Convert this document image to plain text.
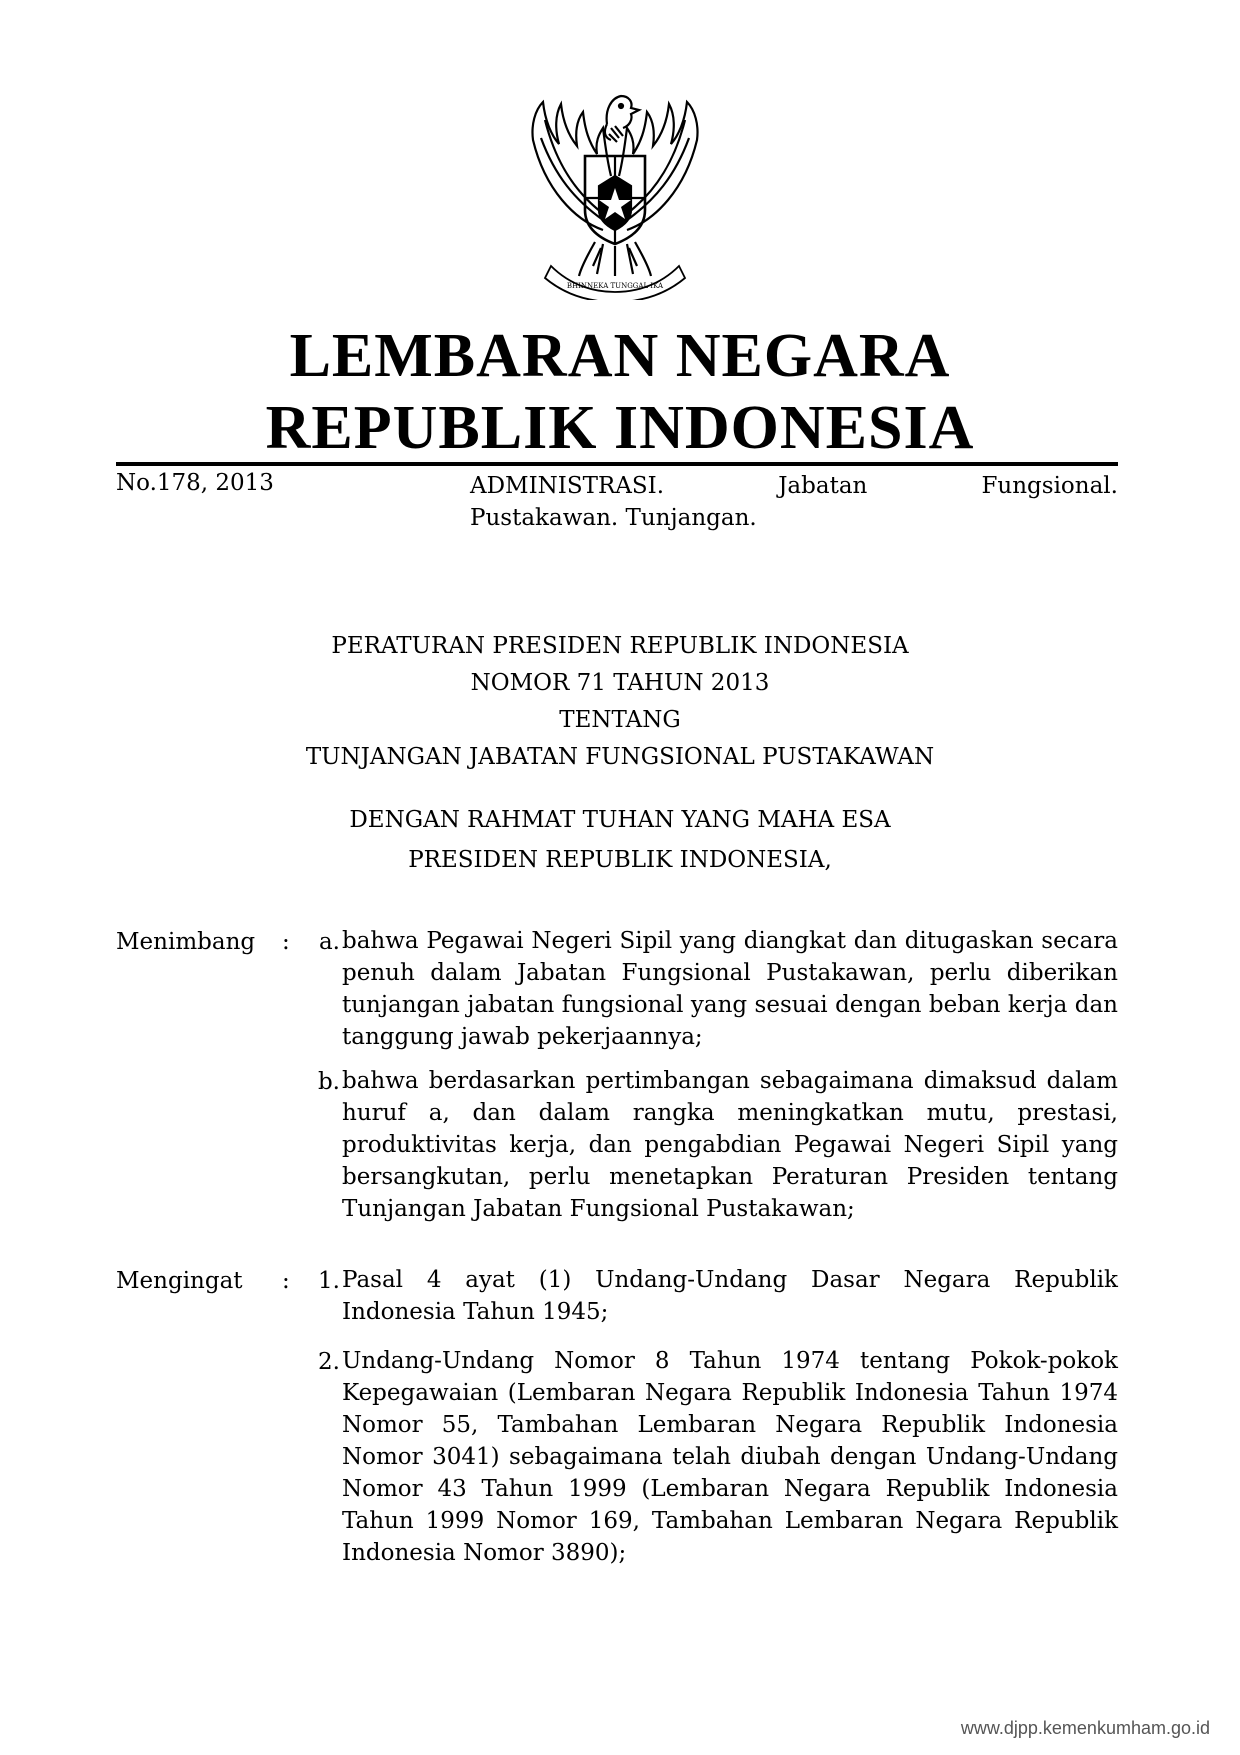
BHINNEKA TUNGGAL IKA
LEMBARAN NEGARA
REPUBLIK INDONESIA
No.178, 2013	ADMINISTRASI.	Jabatan	Fungsional.
Pustakawan. Tunjangan.
PERATURAN PRESIDEN REPUBLIK INDONESIA
NOMOR 71 TAHUN 2013
TENTANG
TUNJANGAN JABATAN FUNGSIONAL PUSTAKAWAN
DENGAN RAHMAT TUHAN YANG MAHA ESA
PRESIDEN REPUBLIK INDONESIA,
Menimbang :	a. bahwa Pegawai Negeri Sipil yang diangkat dan ditugaskan secara penuh dalam Jabatan Fungsional Pustakawan, perlu diberikan tunjangan jabatan fungsional yang sesuai dengan beban kerja dan tanggung jawab pekerjaannya;
b. bahwa berdasarkan pertimbangan sebagaimana dimaksud dalam huruf a, dan dalam rangka meningkatkan mutu, prestasi, produktivitas kerja, dan pengabdian Pegawai Negeri Sipil yang bersangkutan, perlu menetapkan Peraturan Presiden tentang Tunjangan Jabatan Fungsional Pustakawan;
Mengingat :	1. Pasal 4 ayat (1) Undang-Undang Dasar Negara Republik Indonesia Tahun 1945;
2. Undang-Undang Nomor 8 Tahun 1974 tentang Pokok-pokok Kepegawaian (Lembaran Negara Republik Indonesia Tahun 1974 Nomor 55, Tambahan Lembaran Negara Republik Indonesia Nomor 3041) sebagaimana telah diubah dengan Undang-Undang Nomor 43 Tahun 1999 (Lembaran Negara Republik Indonesia Tahun 1999 Nomor 169, Tambahan Lembaran Negara Republik Indonesia Nomor 3890);
www.djpp.kemenkumham.go.id
